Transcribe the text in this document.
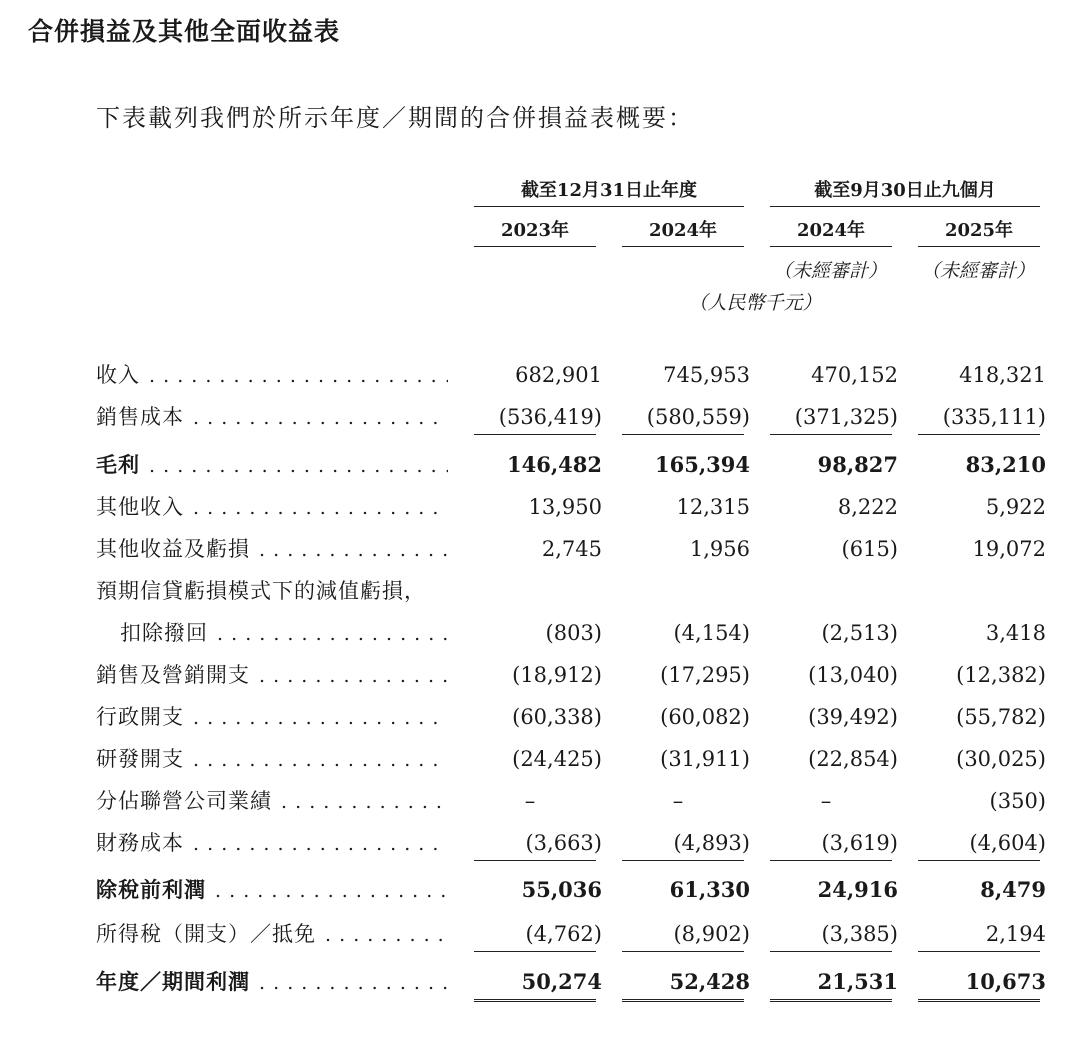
合併損益及其他全面收益表
下表載列我們於所示年度／期間的合併損益表概要：
截至12月31日止年度	截至9月30日止九個月
2023年	2024年	2024年	2025年
（未經審計）	（未經審計）
（人民幣千元）
收入 . . .	682,901	745,953	470,152	418,321
銷售成本 . . .	(536,419)	(580,559)	(371,325)	(335,111)
毛利 . . .	146,482	165,394	98,827	83,210
其他收入 . . .	13,950	12,315	8,222	5,922
其他收益及虧損 . . .	2,745	1,956	(615)	19,072
預期信貸虧損模式下的減值虧損，
扣除撥回 . . .	(803)	(4,154)	(2,513)	3,418
銷售及營銷開支 . . .	(18,912)	(17,295)	(13,040)	(12,382)
行政開支 . . .	(60,338)	(60,082)	(39,492)	(55,782)
研發開支 . . .	(24,425)	(31,911)	(22,854)	(30,025)
分佔聯營公司業績 . . .	–	–	–	(350)
財務成本 . . .	(3,663)	(4,893)	(3,619)	(4,604)
除稅前利潤 . . .	55,036	61,330	24,916	8,479
所得稅（開支）／抵免 . . .	(4,762)	(8,902)	(3,385)	2,194
年度／期間利潤 . . .	50,274	52,428	21,531	10,673
